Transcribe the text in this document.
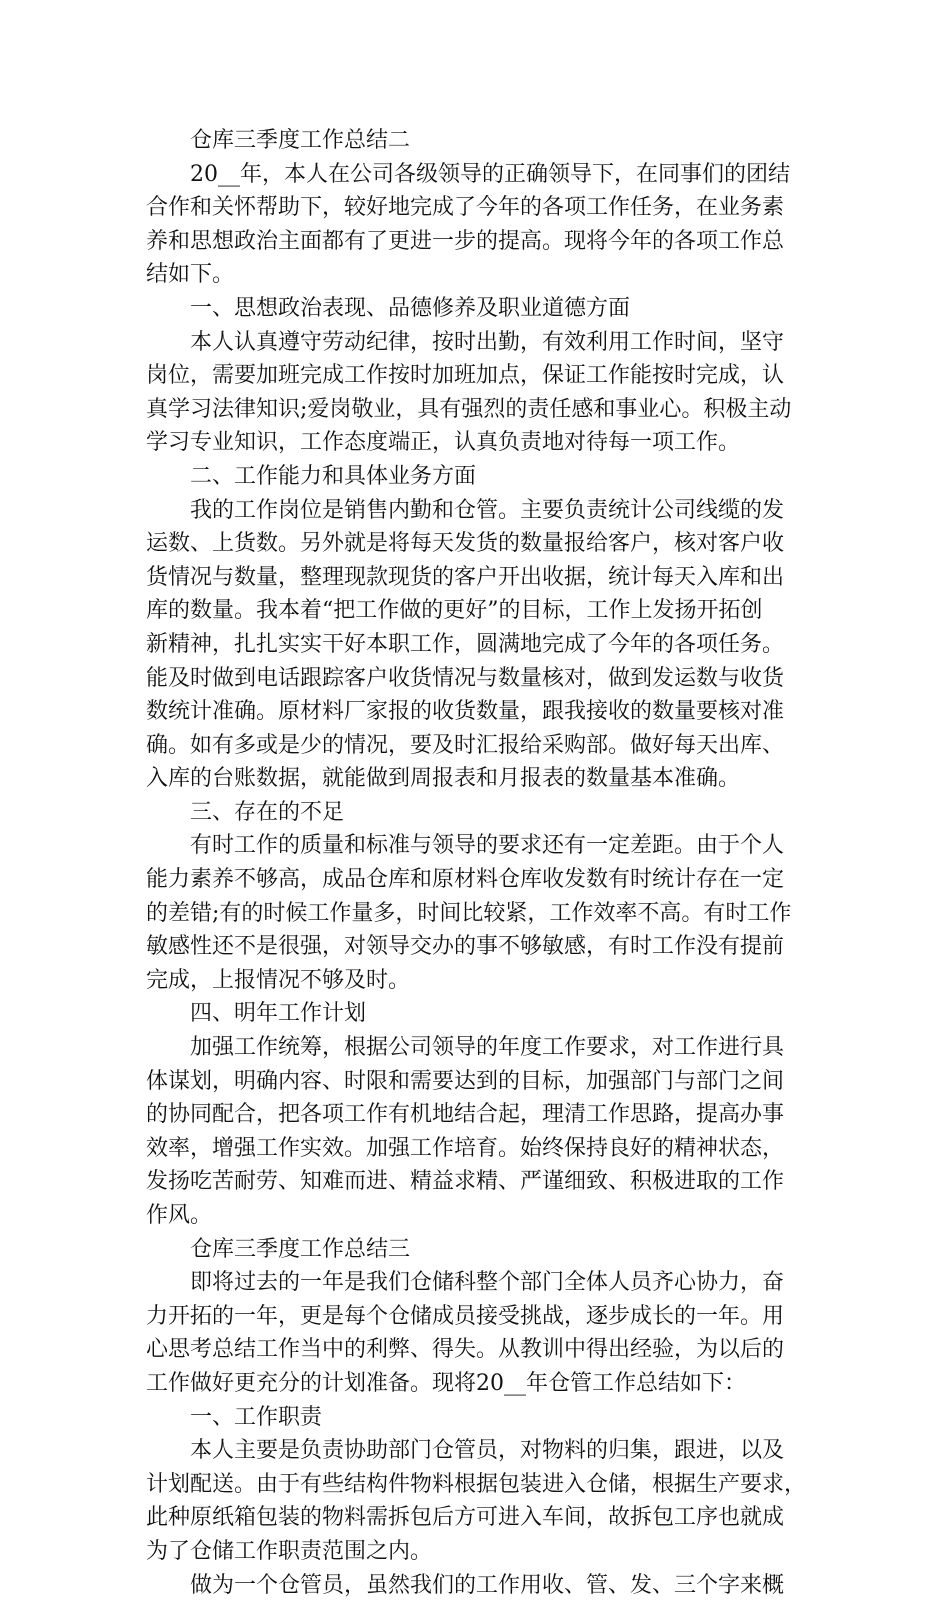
仓库三季度工作总结二
20__年，本人在公司各级领导的正确领导下，在同事们的团结
合作和关怀帮助下，较好地完成了今年的各项工作任务，在业务素
养和思想政治主面都有了更进一步的提高。现将今年的各项工作总
结如下。
一、思想政治表现、品德修养及职业道德方面
本人认真遵守劳动纪律，按时出勤，有效利用工作时间，坚守
岗位，需要加班完成工作按时加班加点，保证工作能按时完成，认
真学习法律知识;爱岗敬业，具有强烈的责任感和事业心。积极主动
学习专业知识，工作态度端正，认真负责地对待每一项工作。
二、工作能力和具体业务方面
我的工作岗位是销售内勤和仓管。主要负责统计公司线缆的发
运数、上货数。另外就是将每天发货的数量报给客户，核对客户收
货情况与数量，整理现款现货的客户开出收据，统计每天入库和出
库的数量。我本着“把工作做的更好”的目标，工作上发扬开拓创
新精神，扎扎实实干好本职工作，圆满地完成了今年的各项任务。
能及时做到电话跟踪客户收货情况与数量核对，做到发运数与收货
数统计准确。原材料厂家报的收货数量，跟我接收的数量要核对准
确。如有多或是少的情况，要及时汇报给采购部。做好每天出库、
入库的台账数据，就能做到周报表和月报表的数量基本准确。
三、存在的不足
有时工作的质量和标准与领导的要求还有一定差距。由于个人
能力素养不够高，成品仓库和原材料仓库收发数有时统计存在一定
的差错;有的时候工作量多，时间比较紧，工作效率不高。有时工作
敏感性还不是很强，对领导交办的事不够敏感，有时工作没有提前
完成，上报情况不够及时。
四、明年工作计划
加强工作统筹，根据公司领导的年度工作要求，对工作进行具
体谋划，明确内容、时限和需要达到的目标，加强部门与部门之间
的协同配合，把各项工作有机地结合起，理清工作思路，提高办事
效率，增强工作实效。加强工作培育。始终保持良好的精神状态，
发扬吃苦耐劳、知难而进、精益求精、严谨细致、积极进取的工作
作风。
仓库三季度工作总结三
即将过去的一年是我们仓储科整个部门全体人员齐心协力，奋
力开拓的一年，更是每个仓储成员接受挑战，逐步成长的一年。用
心思考总结工作当中的利弊、得失。从教训中得出经验，为以后的
工作做好更充分的计划准备。现将20__年仓管工作总结如下：
一、工作职责
本人主要是负责协助部门仓管员，对物料的归集，跟进，以及
计划配送。由于有些结构件物料根据包装进入仓储，根据生产要求，
此种原纸箱包装的物料需拆包后方可进入车间，故拆包工序也就成
为了仓储工作职责范围之内。
做为一个仓管员，虽然我们的工作用收、管、发、三个字来概
